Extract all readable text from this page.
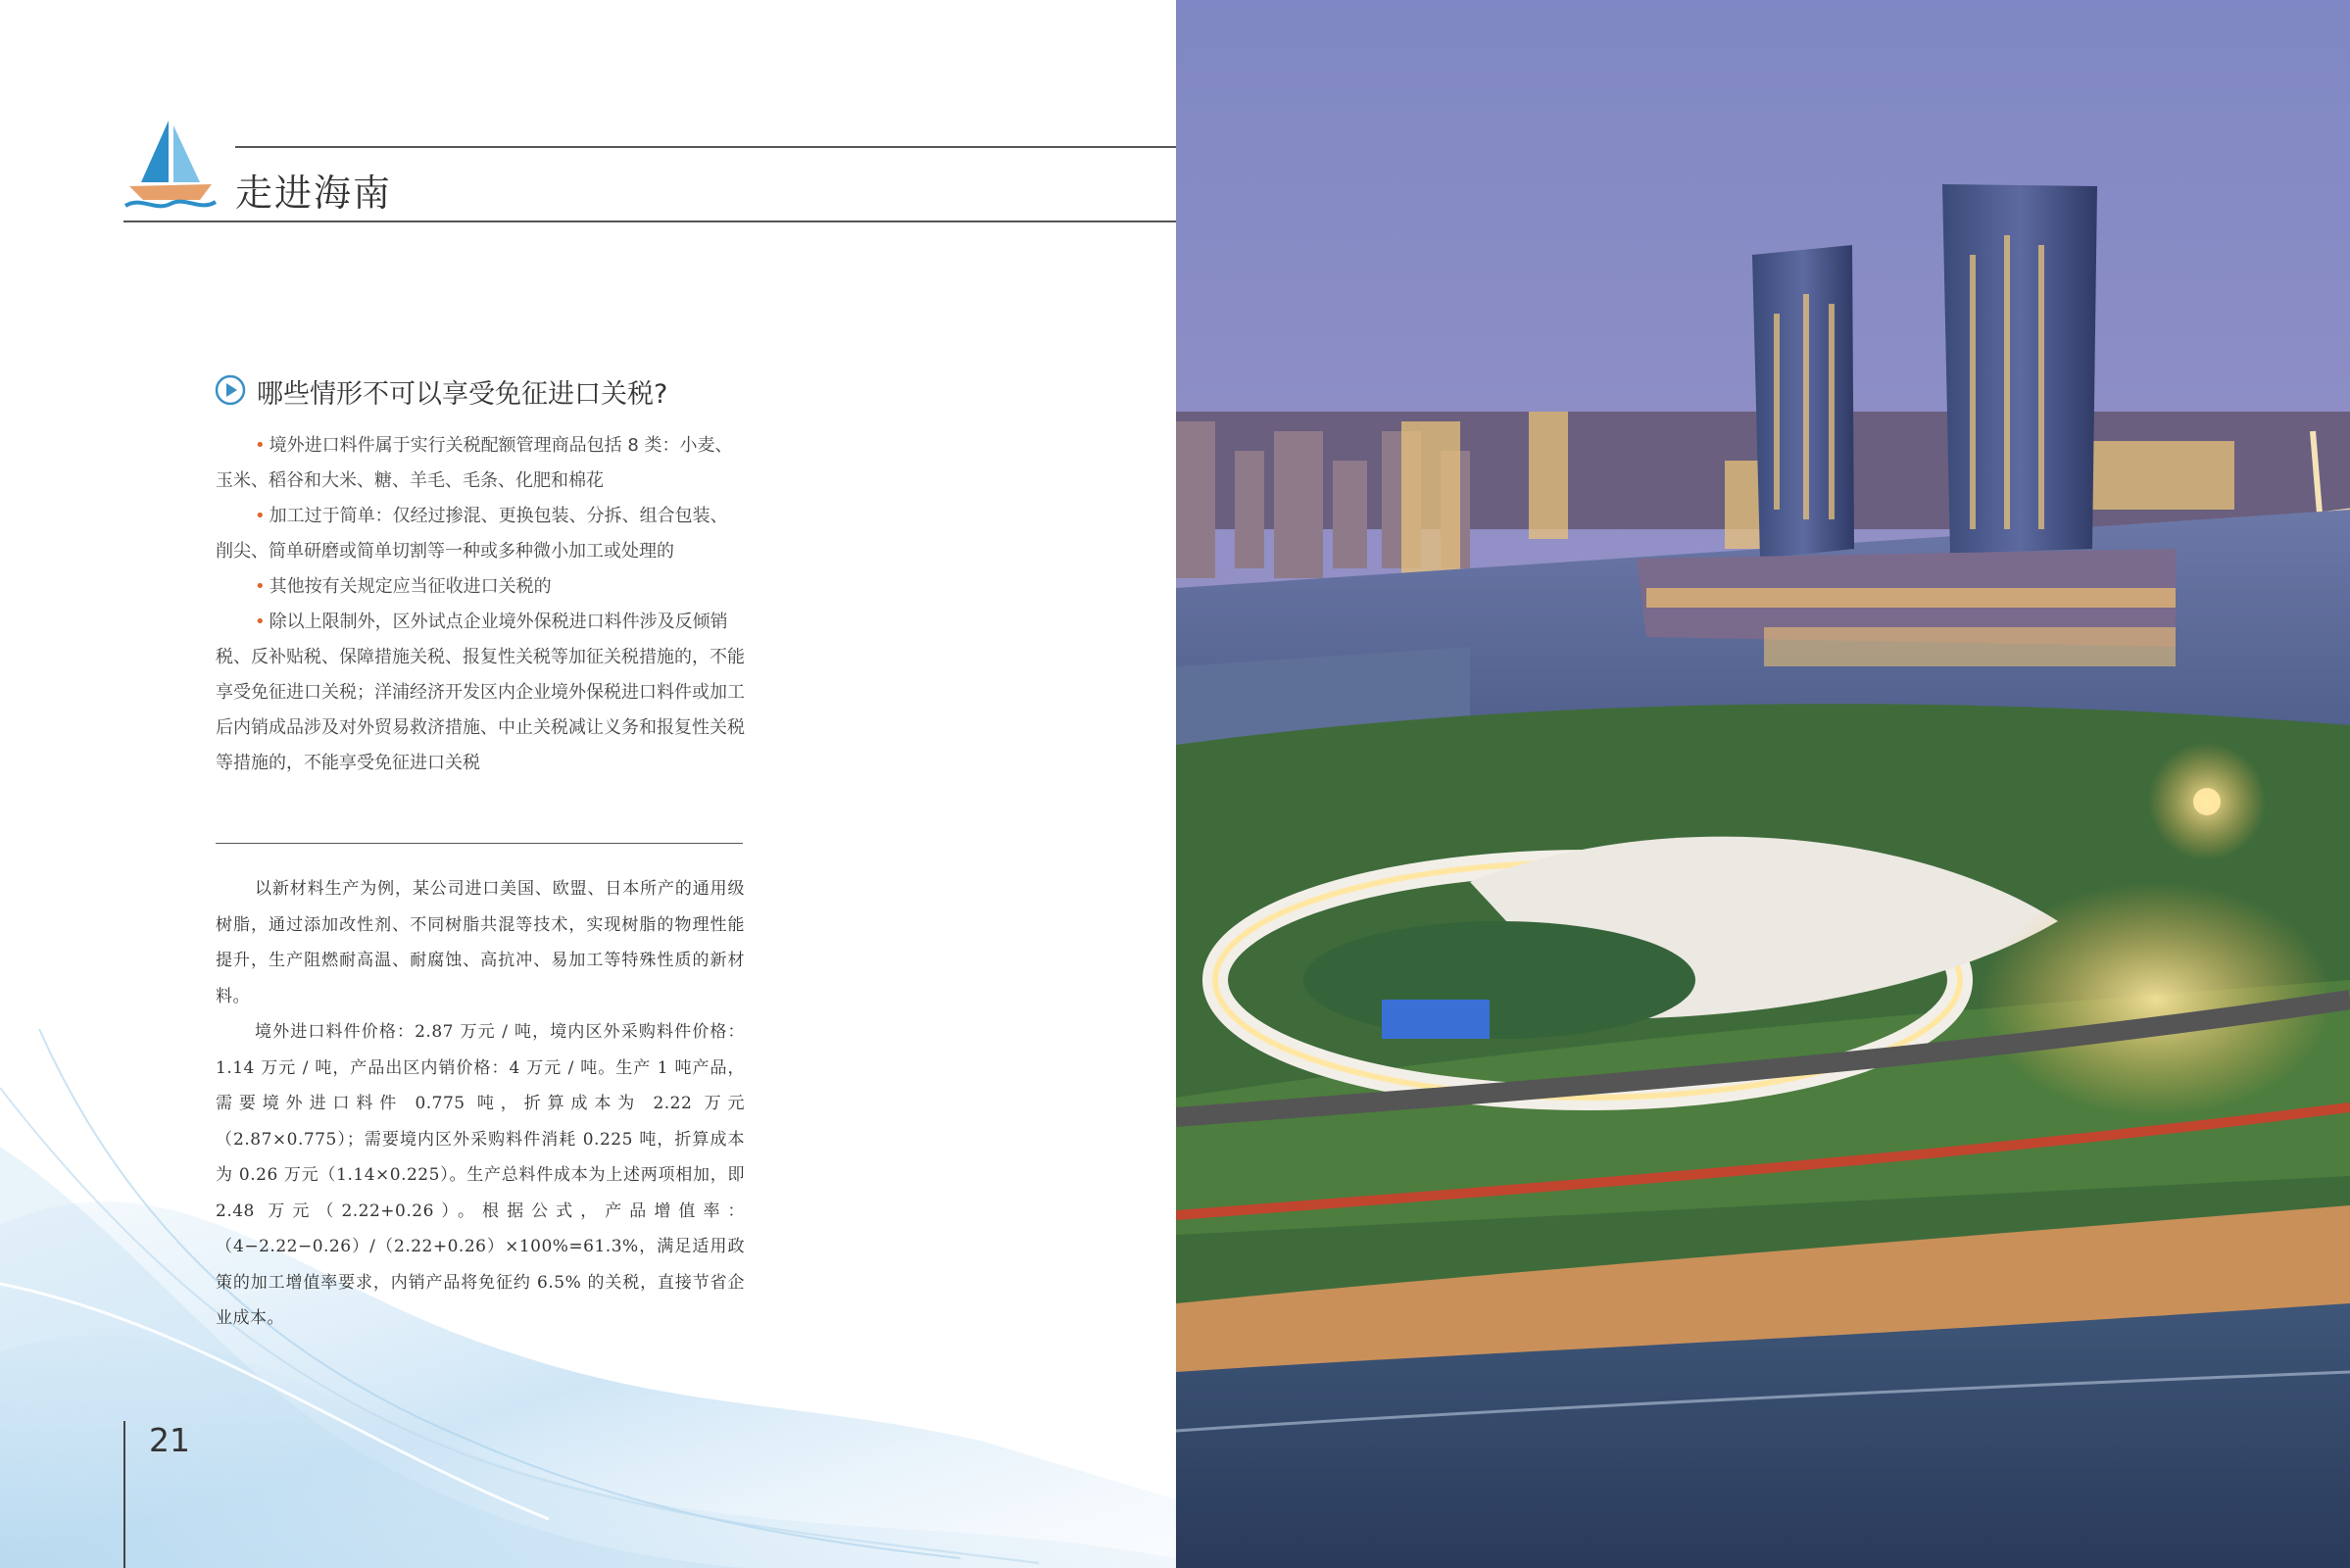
走进海南
哪些情形不可以享受免征进口关税?

• 境外进口料件属于实行关税配额管理商品包括 8 类：小麦、玉米、稻谷和大米、糖、羊毛、毛条、化肥和棉花

• 加工过于简单：仅经过掺混、更换包装、分拆、组合包装、削尖、简单研磨或简单切割等一种或多种微小加工或处理的

• 其他按有关规定应当征收进口关税的

• 除以上限制外，区外试点企业境外保税进口料件涉及反倾销税、反补贴税、保障措施关税、报复性关税等加征关税措施的，不能享受免征进口关税；洋浦经济开发区内企业境外保税进口料件或加工后内销成品涉及对外贸易救济措施、中止关税减让义务和报复性关税等措施的，不能享受免征进口关税

以新材料生产为例，某公司进口美国、欧盟、日本所产的通用级树脂，通过添加改性剂、不同树脂共混等技术，实现树脂的物理性能提升，生产阻燃耐高温、耐腐蚀、高抗冲、易加工等特殊性质的新材料。

境外进口料件价格：2.87 万元 / 吨，境内区外采购料件价格：1.14 万元 / 吨，产品出区内销价格：4 万元 / 吨。生产 1 吨产品，需要境外进口料件 0.775 吨，折算成本为 2.22 万元（2.87×0.775）；需要境内区外采购料件消耗 0.225 吨，折算成本为 0.26 万元（1.14×0.225）。生产总料件成本为上述两项相加，即 2.48 万元（2.22+0.26）。根据公式，产品增值率：（4−2.22−0.26）/（2.22+0.26）×100%=61.3%，满足适用政策的加工增值率要求，内销产品将免征约 6.5% 的关税，直接节省企业成本。

21
